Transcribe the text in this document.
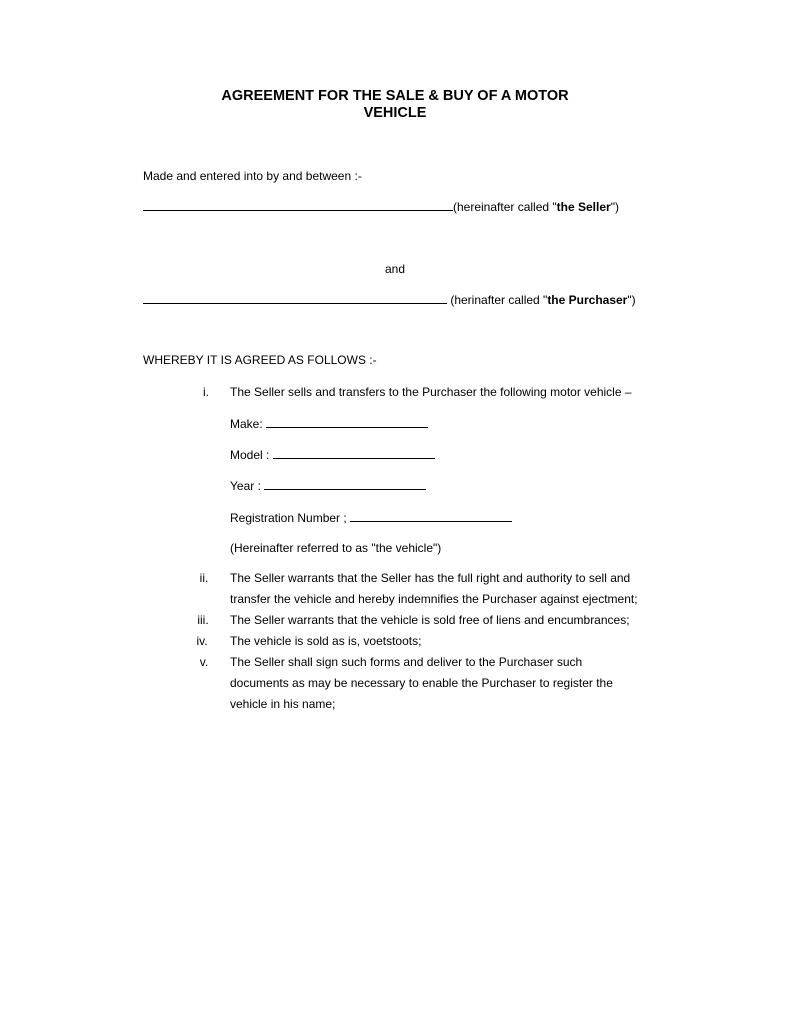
AGREEMENT FOR THE SALE & BUY OF A MOTOR
VEHICLE
Made and entered into by and between :-
(hereinafter called "the Seller")
and
(herinafter called "the Purchaser")
WHEREBY IT IS AGREED AS FOLLOWS :-
i.	The Seller sells and transfers to the Purchaser the following motor vehicle –
Make:
Model :
Year :
Registration Number ;
(Hereinafter referred to as "the vehicle")
ii.	The Seller warrants that the Seller has the full right and authority to sell and
transfer the vehicle and hereby indemnifies the Purchaser against ejectment;
iii.	The Seller warrants that the vehicle is sold free of liens and encumbrances;
iv.	The vehicle is sold as is, voetstoots;
v.	The Seller shall sign such forms and deliver to the Purchaser such
documents as may be necessary to enable the Purchaser to register the
vehicle in his name;
